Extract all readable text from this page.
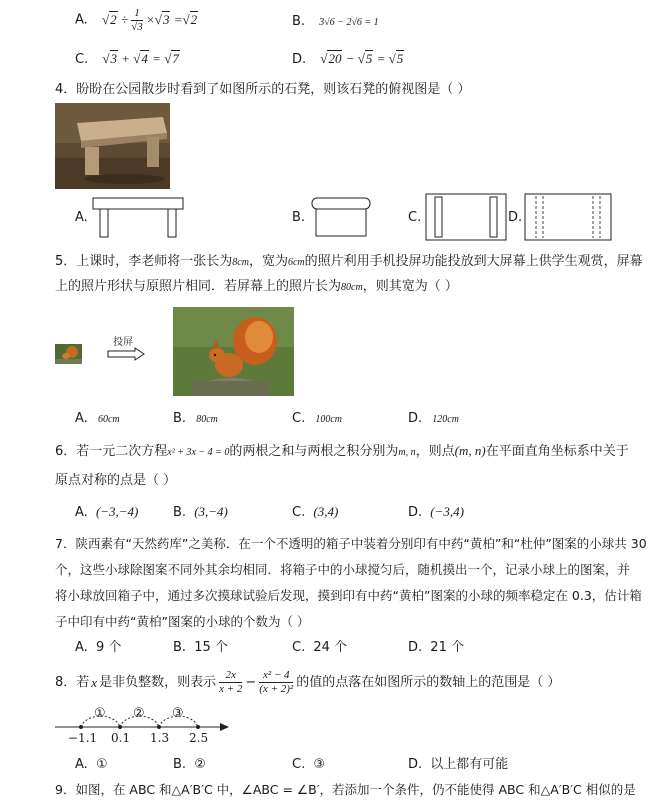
A. $√2 \div \frac{1}{√3} \times√3 =√2$	B. 3√6 − 2√6 = 1
C. √3 + √4 = √7	D. √20 − √5 = √5
4．盼盼在公园散步时看到了如图所示的石凳，则该石凳的俯视图是（ ）
A.	B.	C.	D.
5．上课时，李老师将一张长为8cm，宽为6cm的照片利用手机投屏功能投放到大屏幕上供学生观赏，屏幕
上的照片形状与原照片相同．若屏幕上的照片长为80cm，则其宽为（ ）
投屏
A. 60cm	B. 80cm	C. 100cm	D. 120cm
6．若一元二次方程x² + 3x − 4 = 0的两根之和与两根之积分别为m, n，则点(m, n)在平面直角坐标系中关于
原点对称的点是（ ）
A. (−3,−4)	B. (3,−4)	C. (3,4)	D. (−3,4)
7．陕西素有“天然药库”之美称．在一个不透明的箱子中装着分别印有中药“黄柏”和“杜仲”图案的小球共 30
个，这些小球除图案不同外其余均相同．将箱子中的小球搅匀后，随机摸出一个，记录小球上的图案，并
将小球放回箱子中，通过多次摸球试验后发现，摸到印有中药“黄柏”图案的小球的频率稳定在 0.3，估计箱
子中印有中药“黄柏”图案的小球的个数为（ ）
A. 9 个	B. 15 个	C. 24 个	D. 21 个
8．若 x 是非负整数，则表示 $\frac{2x}{x + 2} - \frac{\text{x² − 4}}{\text{(x + 2)²}}$ 的值的点落在如图所示的数轴上的范围是（ ）
① ② ③
−1.1 0.1 1.3 2.5
A. ①	B. ②	C. ③	D. 以上都有可能
9．如图，在 ABC 和△A′B′C 中，∠ABC = ∠B′，若添加一个条件，仍不能使得 ABC 和△A′B′C 相似的是
